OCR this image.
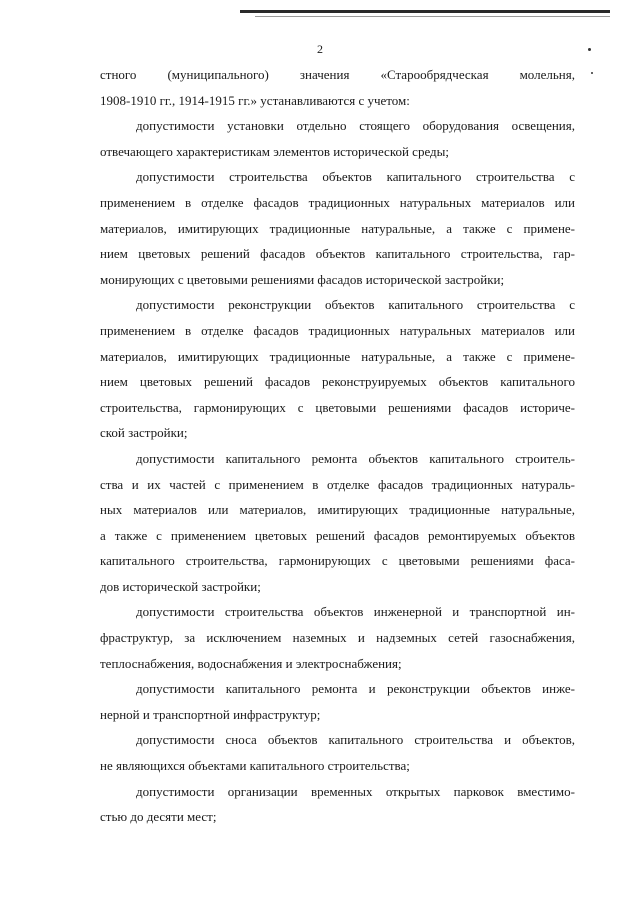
2
стного (муниципального) значения «Старообрядческая молельня,
1908-1910 гг., 1914-1915 гг.» устанавливаются с учетом:
допустимости установки отдельно стоящего оборудования освещения,
отвечающего характеристикам элементов исторической среды;
допустимости строительства объектов капитального строительства с
применением в отделке фасадов традиционных натуральных материалов или
материалов, имитирующих традиционные натуральные, а также с примене-
нием цветовых решений фасадов объектов капитального строительства, гар-
монирующих с цветовыми решениями фасадов исторической застройки;
допустимости реконструкции объектов капитального строительства с
применением в отделке фасадов традиционных натуральных материалов или
материалов, имитирующих традиционные натуральные, а также с примене-
нием цветовых решений фасадов реконструируемых объектов капитального
строительства, гармонирующих с цветовыми решениями фасадов историче-
ской застройки;
допустимости капитального ремонта объектов капитального строитель-
ства и их частей с применением в отделке фасадов традиционных натураль-
ных материалов или материалов, имитирующих традиционные натуральные,
а также с применением цветовых решений фасадов ремонтируемых объектов
капитального строительства, гармонирующих с цветовыми решениями фаса-
дов исторической застройки;
допустимости строительства объектов инженерной и транспортной ин-
фраструктур, за исключением наземных и надземных сетей газоснабжения,
теплоснабжения, водоснабжения и электроснабжения;
допустимости капитального ремонта и реконструкции объектов инже-
нерной и транспортной инфраструктур;
допустимости сноса объектов капитального строительства и объектов,
не являющихся объектами капитального строительства;
допустимости организации временных открытых парковок вместимо-
стью до десяти мест;
